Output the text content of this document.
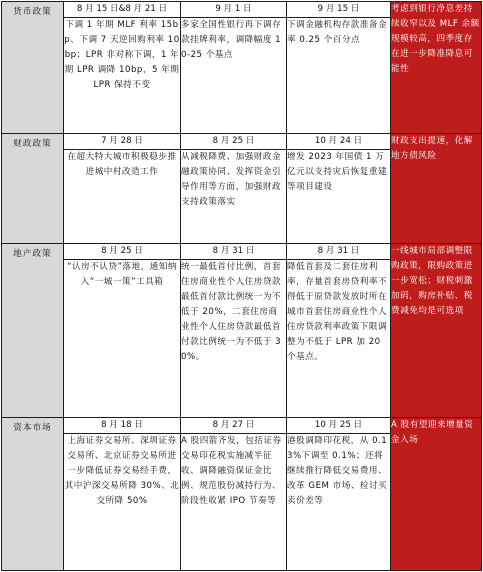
货币政策	8 月 15 日&8 月 21 日	9 月 1 日	9 月 15 日	考虑到银行净息差持续收窄以及 MLF 余额规模较高，四季度存在进一步降准降息可能性

	下调 1 年期 MLF 利率 15bp、下调 7 天逆回购利率 10bp；LPR 非对称下调，1 年期 LPR 调降 10bp，5 年期 LPR 保持不变	多家全国性银行再下调存款挂牌利率，调降幅度 10-25 个基点	下调金融机构存款准备金率 0.25 个百分点	

财政政策	7 月 28 日	8 月 25 日	10 月 24 日	财政支出提速，化解地方债风险

	在超大特大城市积极稳步推进城中村改造工作	从减税降费、加强财政金融政策协同、发挥资金引导作用等方面，加强财政支持政策落实	增发 2023 年国债 1 万亿元以支持灾后恢复重建等项目建设	

地产政策	8 月 25 日	8 月 31 日	8 月 31 日	一线城市局部调整限购政策，限购政策进一步宽松；财税刺激加码，购房补贴、税费减免均是可选项

	“认房不认贷”落地，通知纳入“一城一策”工具箱	统一最低首付比例，首套住房商业性个人住房贷款最低首付款比例统一为不低于 20%，二套住房商业性个人住房贷款最低首付款比例统一为不低于 30%。	降低首套及二套住房利率，存量首套房贷利率不得低于原贷款发放时所在城市首套住房商业性个人住房贷款利率政策下限调整为不低于 LPR 加 20 个基点。	

资本市场	8 月 18 日	8 月 27 日	10 月 25 日	A 股有望迎来增量资金入场

	上海证券交易所、深圳证券交易所、北京证券交易所进一步降低证券交易经手费，其中沪深交易所降 30%、北交所降 50%	A 股四箭齐发，包括证券交易印花税实施减半征收、调降融资保证金比例、规范股份减持行为、阶段性收紧 IPO 节奏等	港股调降印花税，从 0.13%下调至 0.1%；还将继续推行降低交易费用、改革 GEM 市场、检讨买卖价差等	
